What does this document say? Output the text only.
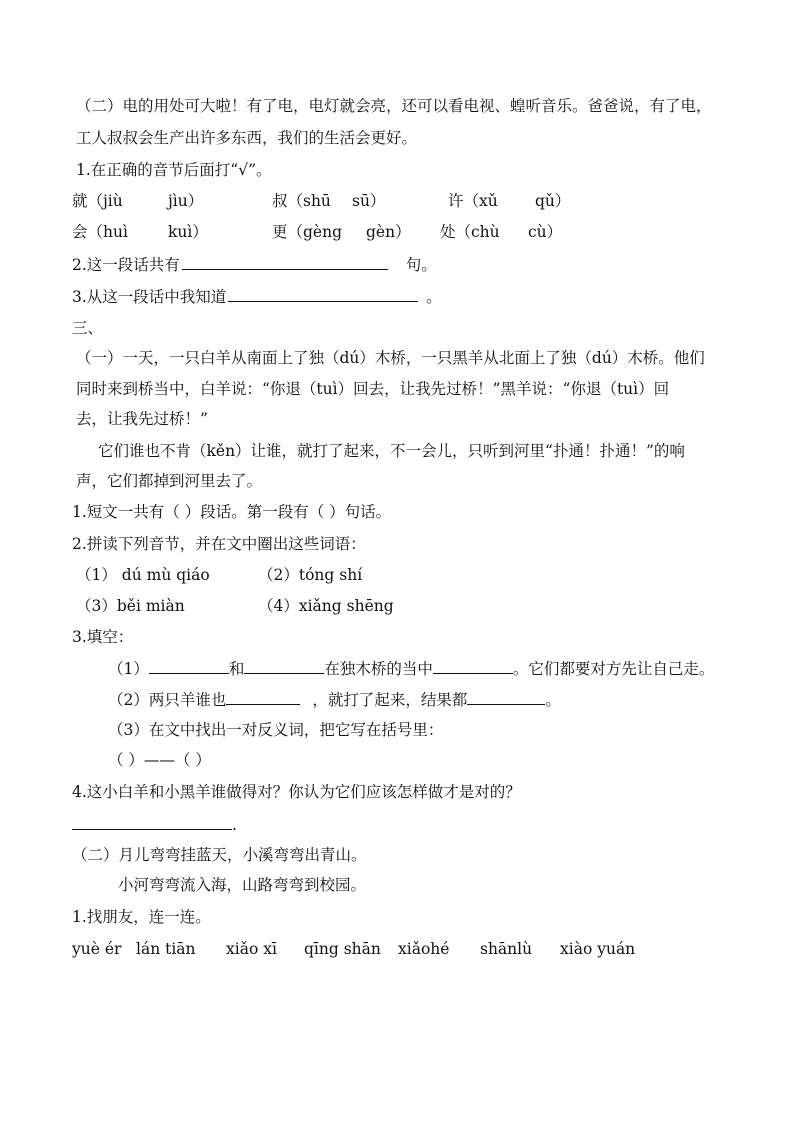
（二）电的用处可大啦！有了电，电灯就会亮，还可以看电视、蝗听音乐。爸爸说，有了电，
工人叔叔会生产出许多东西，我们的生活会更好。
1.在正确的音节后面打“√”。
就（jiù	jìu）	叔（shū sū）	许（xǔ qǔ）
会（huì	kuì）	更（gèng gèn） 处（chù cù）
2.这一段话共有	句。
3.从这一段话中我知道	。
三、
（一）一天，一只白羊从南面上了独（dú）木桥，一只黑羊从北面上了独（dú）木桥。他们
同时来到桥当中，白羊说：“你退（tuì）回去，让我先过桥！”黑羊说：“你退（tuì）回
去，让我先过桥！”
它们谁也不肯（kěn）让谁，就打了起来，不一会儿，只听到河里“扑通！扑通！”的响
声，它们都掉到河里去了。
1.短文一共有（ ）段话。第一段有（ ）句话。
2.拼读下列音节，并在文中圈出这些词语：
（1） dú mù qiáo	（2）tóng shí
（3）běi miàn	（4）xiǎng shēng
3.填空：
（1）	和	在独木桥的当中	。它们都要对方先让自己走。
（2）两只羊谁也	，就打了起来，结果都	。
（3）在文中找出一对反义词，把它写在括号里：
（ ）——（ ）
4.这小白羊和小黑羊谁做得对？你认为它们应该怎样做才是对的？
.
（二）月儿弯弯挂蓝天，小溪弯弯出青山。
小河弯弯流入海，山路弯弯到校园。
1.找朋友，连一连。
yuè ér lán tiān xiǎo xī qīng shān xiǎohé shānlù xiào yuán
